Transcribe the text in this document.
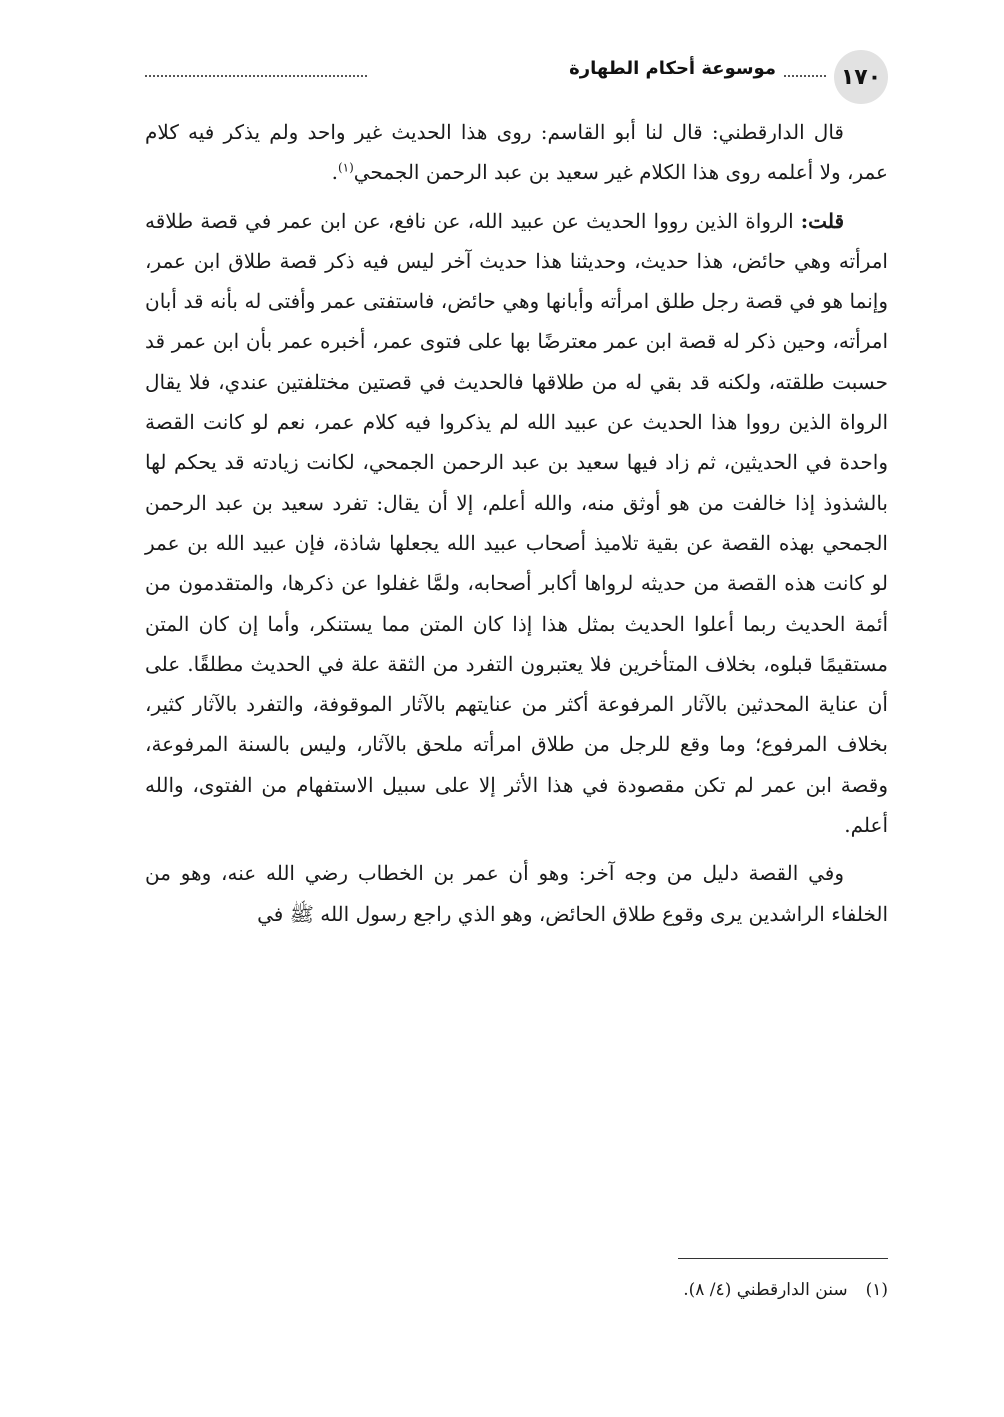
١٧٠
موسوعة أحكام الطهارة

قال الدارقطني: قال لنا أبو القاسم: روى هذا الحديث غير واحد ولم يذكر فيه كلام عمر، ولا أعلمه روى هذا الكلام غير سعيد بن عبد الرحمن الجمحي$^{(١)}$.

قلت: الرواة الذين رووا الحديث عن عبيد الله، عن نافع، عن ابن عمر في قصة طلاقه امرأته وهي حائض، هذا حديث، وحديثنا هذا حديث آخر ليس فيه ذكر قصة طلاق ابن عمر، وإنما هو في قصة رجل طلق امرأته وأبانها وهي حائض، فاستفتى عمر وأفتى له بأنه قد أبان امرأته، وحين ذكر له قصة ابن عمر معترضًا بها على فتوى عمر، أخبره عمر بأن ابن عمر قد حسبت طلقته، ولكنه قد بقي له من طلاقها فالحديث في قصتين مختلفتين عندي، فلا يقال الرواة الذين رووا هذا الحديث عن عبيد الله لم يذكروا فيه كلام عمر، نعم لو كانت القصة واحدة في الحديثين، ثم زاد فيها سعيد بن عبد الرحمن الجمحي، لكانت زيادته قد يحكم لها بالشذوذ إذا خالفت من هو أوثق منه، والله أعلم، إلا أن يقال: تفرد سعيد بن عبد الرحمن الجمحي بهذه القصة عن بقية تلاميذ أصحاب عبيد الله يجعلها شاذة، فإن عبيد الله بن عمر لو كانت هذه القصة من حديثه لرواها أكابر أصحابه، ولمَّا غفلوا عن ذكرها، والمتقدمون من أئمة الحديث ربما أعلوا الحديث بمثل هذا إذا كان المتن مما يستنكر، وأما إن كان المتن مستقيمًا قبلوه، بخلاف المتأخرين فلا يعتبرون التفرد من الثقة علة في الحديث مطلقًا. على أن عناية المحدثين بالآثار المرفوعة أكثر من عنايتهم بالآثار الموقوفة، والتفرد بالآثار كثير، بخلاف المرفوع؛ وما وقع للرجل من طلاق امرأته ملحق بالآثار، وليس بالسنة المرفوعة، وقصة ابن عمر لم تكن مقصودة في هذا الأثر إلا على سبيل الاستفهام من الفتوى، والله أعلم.

وفي القصة دليل من وجه آخر: وهو أن عمر بن الخطاب رضي الله عنه، وهو من الخلفاء الراشدين يرى وقوع طلاق الحائض، وهو الذي راجع رسول الله ﷺ في

(١)سنن الدارقطني (٤/ ٨).
